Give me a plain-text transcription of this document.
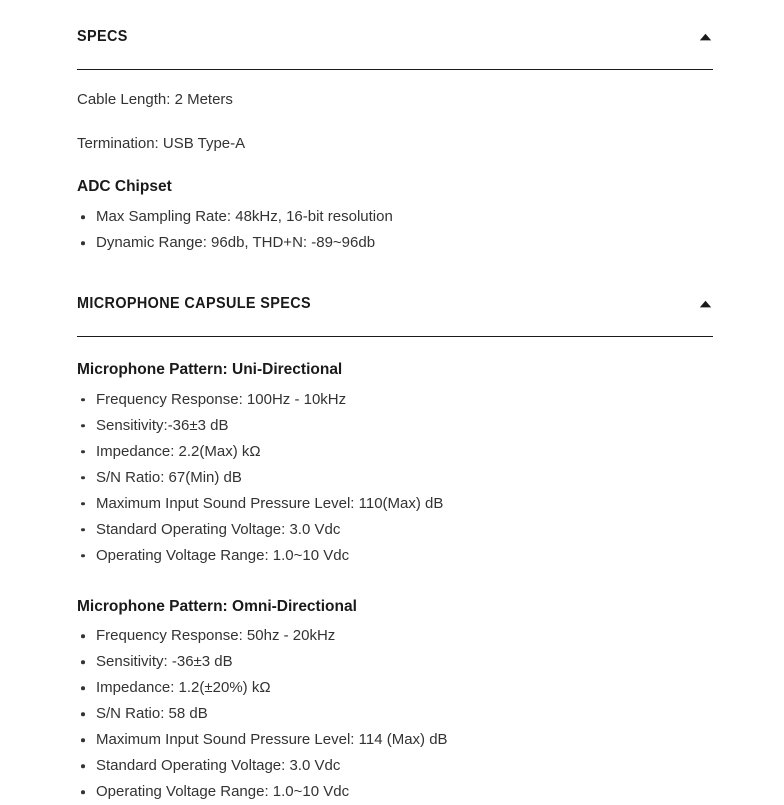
SPECS

Cable Length: 2 Meters

Termination: USB Type-A

ADC Chipset

Max Sampling Rate: 48kHz, 16-bit resolution
Dynamic Range: 96db, THD+N: -89~96db
MICROPHONE CAPSULE SPECS

Microphone Pattern: Uni-Directional

Frequency Response: 100Hz - 10kHz
Sensitivity:-36±3 dB
Impedance: 2.2(Max) kΩ
S/N Ratio: 67(Min) dB
Maximum Input Sound Pressure Level: 110(Max) dB
Standard Operating Voltage: 3.0 Vdc
Operating Voltage Range: 1.0~10 Vdc

Microphone Pattern: Omni-Directional

Frequency Response: 50hz - 20kHz
Sensitivity: -36±3 dB
Impedance: 1.2(±20%) kΩ
S/N Ratio: 58 dB
Maximum Input Sound Pressure Level: 114 (Max) dB
Standard Operating Voltage: 3.0 Vdc
Operating Voltage Range: 1.0~10 Vdc
